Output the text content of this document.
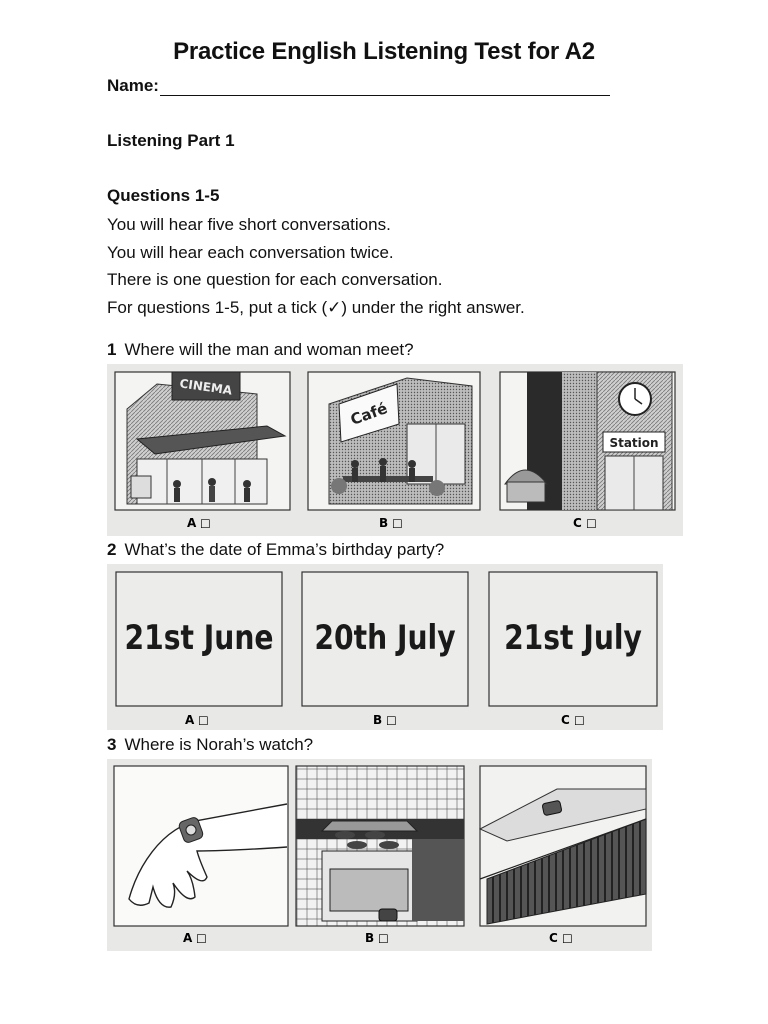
Practice English Listening Test for A2
Name:
Listening Part 1
Questions 1-5
You will hear five short conversations.
You will hear each conversation twice.
There is one question for each conversation.
For questions 1-5, put a tick (✓) under the right answer.
1 Where will the man and woman meet?
CINEMA
A ☐
Café
B ☐
Station
C ☐
2 What’s the date of Emma’s birthday party?
21st June 20th July 21st July
A ☐	B ☐	C ☐
3 Where is Norah’s watch?
A ☐	B ☐	C ☐
